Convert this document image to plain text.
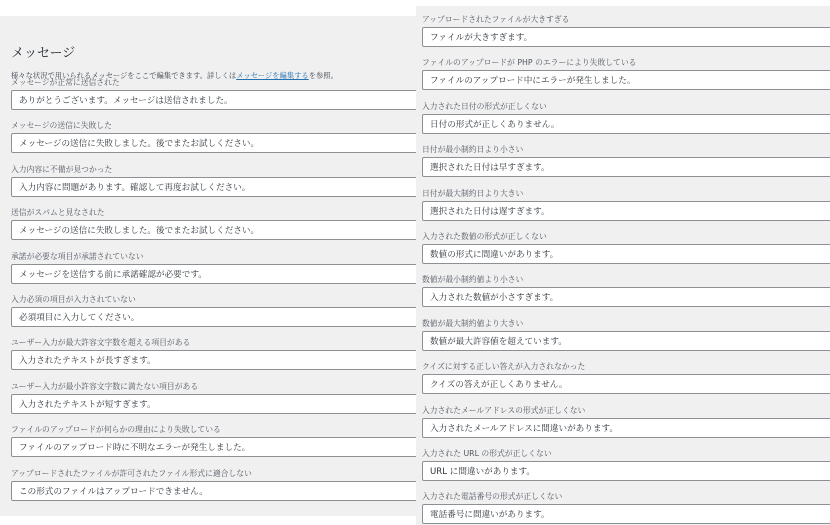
メッセージ
様々な状況で用いられるメッセージをここで編集できます。詳しくはメッセージを編集するを参照。
メッセージが正常に送信された
ありがとうございます。メッセージは送信されました。
メッセージの送信に失敗した
メッセージの送信に失敗しました。後でまたお試しください。
入力内容に不備が見つかった
入力内容に問題があります。確認して再度お試しください。
送信がスパムと見なされた
メッセージの送信に失敗しました。後でまたお試しください。
承諾が必要な項目が承諾されていない
メッセージを送信する前に承諾確認が必要です。
入力必須の項目が入力されていない
必須項目に入力してください。
ユーザー入力が最大許容文字数を超える項目がある
入力されたテキストが長すぎます。
ユーザー入力が最小許容文字数に満たない項目がある
入力されたテキストが短すぎます。
ファイルのアップロードが何らかの理由により失敗している
ファイルのアップロード時に不明なエラーが発生しました。
アップロードされたファイルが許可されたファイル形式に適合しない
この形式のファイルはアップロードできません。
アップロードされたファイルが大きすぎる
ファイルが大きすぎます。
ファイルのアップロードが PHP のエラーにより失敗している
ファイルのアップロード中にエラーが発生しました。
入力された日付の形式が正しくない
日付の形式が正しくありません。
日付が最小制約日より小さい
選択された日付は早すぎます。
日付が最大制約日より大きい
選択された日付は遅すぎます。
入力された数値の形式が正しくない
数値の形式に間違いがあります。
数値が最小制約値より小さい
入力された数値が小さすぎます。
数値が最大制約値より大きい
数値が最大許容値を超えています。
クイズに対する正しい答えが入力されなかった
クイズの答えが正しくありません。
入力されたメールアドレスの形式が正しくない
入力されたメールアドレスに間違いがあります。
入力された URL の形式が正しくない
URL に間違いがあります。
入力された電話番号の形式が正しくない
電話番号に間違いがあります。
